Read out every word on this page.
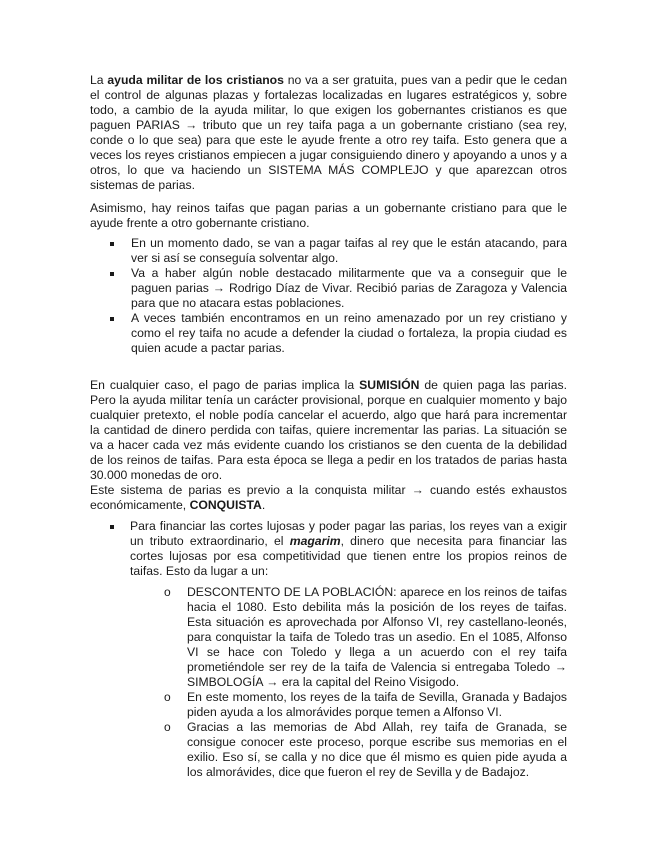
La ayuda militar de los cristianos no va a ser gratuita, pues van a pedir que le cedan el control de algunas plazas y fortalezas localizadas en lugares estratégicos y, sobre todo, a cambio de la ayuda militar, lo que exigen los gobernantes cristianos es que paguen PARIAS → tributo que un rey taifa paga a un gobernante cristiano (sea rey, conde o lo que sea) para que este le ayude frente a otro rey taifa. Esto genera que a veces los reyes cristianos empiecen a jugar consiguiendo dinero y apoyando a unos y a otros, lo que va haciendo un SISTEMA MÁS COMPLEJO y que aparezcan otros sistemas de parias.

Asimismo, hay reinos taifas que pagan parias a un gobernante cristiano para que le ayude frente a otro gobernante cristiano.

En un momento dado, se van a pagar taifas al rey que le están atacando, para ver si así se conseguía solventar algo.
Va a haber algún noble destacado militarmente que va a conseguir que le paguen parias → Rodrigo Díaz de Vivar. Recibió parias de Zaragoza y Valencia para que no atacara estas poblaciones.
A veces también encontramos en un reino amenazado por un rey cristiano y como el rey taifa no acude a defender la ciudad o fortaleza, la propia ciudad es quien acude a pactar parias.

En cualquier caso, el pago de parias implica la SUMISIÓN de quien paga las parias. Pero la ayuda militar tenía un carácter provisional, porque en cualquier momento y bajo cualquier pretexto, el noble podía cancelar el acuerdo, algo que hará para incrementar la cantidad de dinero perdida con taifas, quiere incrementar las parias. La situación se va a hacer cada vez más evidente cuando los cristianos se den cuenta de la debilidad de los reinos de taifas. Para esta época se llega a pedir en los tratados de parias hasta 30.000 monedas de oro.

Este sistema de parias es previo a la conquista militar → cuando estés exhaustos económicamente, CONQUISTA.

Para financiar las cortes lujosas y poder pagar las parias, los reyes van a exigir un tributo extraordinario, el magarim, dinero que necesita para financiar las cortes lujosas por esa competitividad que tienen entre los propios reinos de taifas. Esto da lugar a un:
o DESCONTENTO DE LA POBLACIÓN: aparece en los reinos de taifas hacia el 1080. Esto debilita más la posición de los reyes de taifas. Esta situación es aprovechada por Alfonso VI, rey castellano-leonés, para conquistar la taifa de Toledo tras un asedio. En el 1085, Alfonso VI se hace con Toledo y llega a un acuerdo con el rey taifa prometiéndole ser rey de la taifa de Valencia si entregaba Toledo → SIMBOLOGÍA → era la capital del Reino Visigodo.
o En este momento, los reyes de la taifa de Sevilla, Granada y Badajos piden ayuda a los almorávides porque temen a Alfonso VI.
o Gracias a las memorias de Abd Allah, rey taifa de Granada, se consigue conocer este proceso, porque escribe sus memorias en el exilio. Eso sí, se calla y no dice que él mismo es quien pide ayuda a los almorávides, dice que fueron el rey de Sevilla y de Badajoz.
